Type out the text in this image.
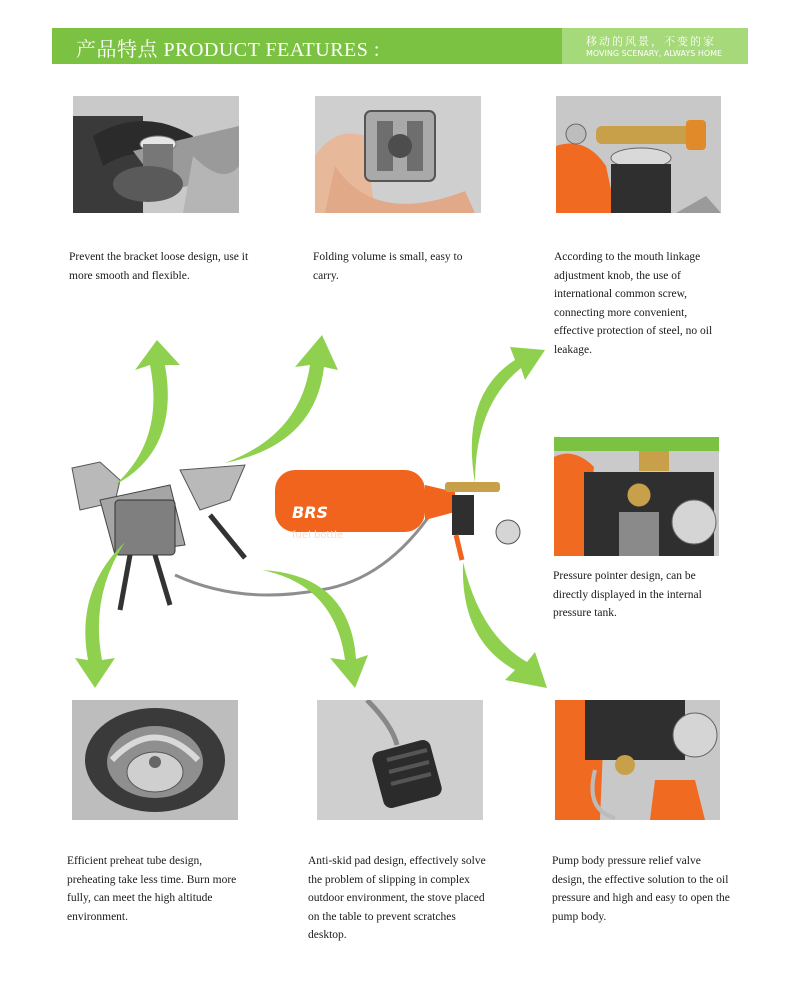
产品特点 PRODUCT FEATURES :	移动的风景，不变的家
MOVING SCENARY, ALWAYS HOME
Prevent the bracket loose design, use it more smooth and flexible.
Folding volume is small, easy to carry.
According to the mouth linkage adjustment knob, the use of international common screw, connecting more convenient, effective protection of steel, no oil leakage.
Pressure pointer design, can be directly displayed in the internal pressure tank.
BRS
fuel bottle
Efficient preheat tube design, preheating take less time. Burn more fully, can meet the high altitude environment.
Anti-skid pad design, effectively solve the problem of slipping in complex outdoor environment, the stove placed on the table to prevent scratches desktop.
Pump body pressure relief valve design, the effective solution to the oil pressure and high and easy to open the pump body.
